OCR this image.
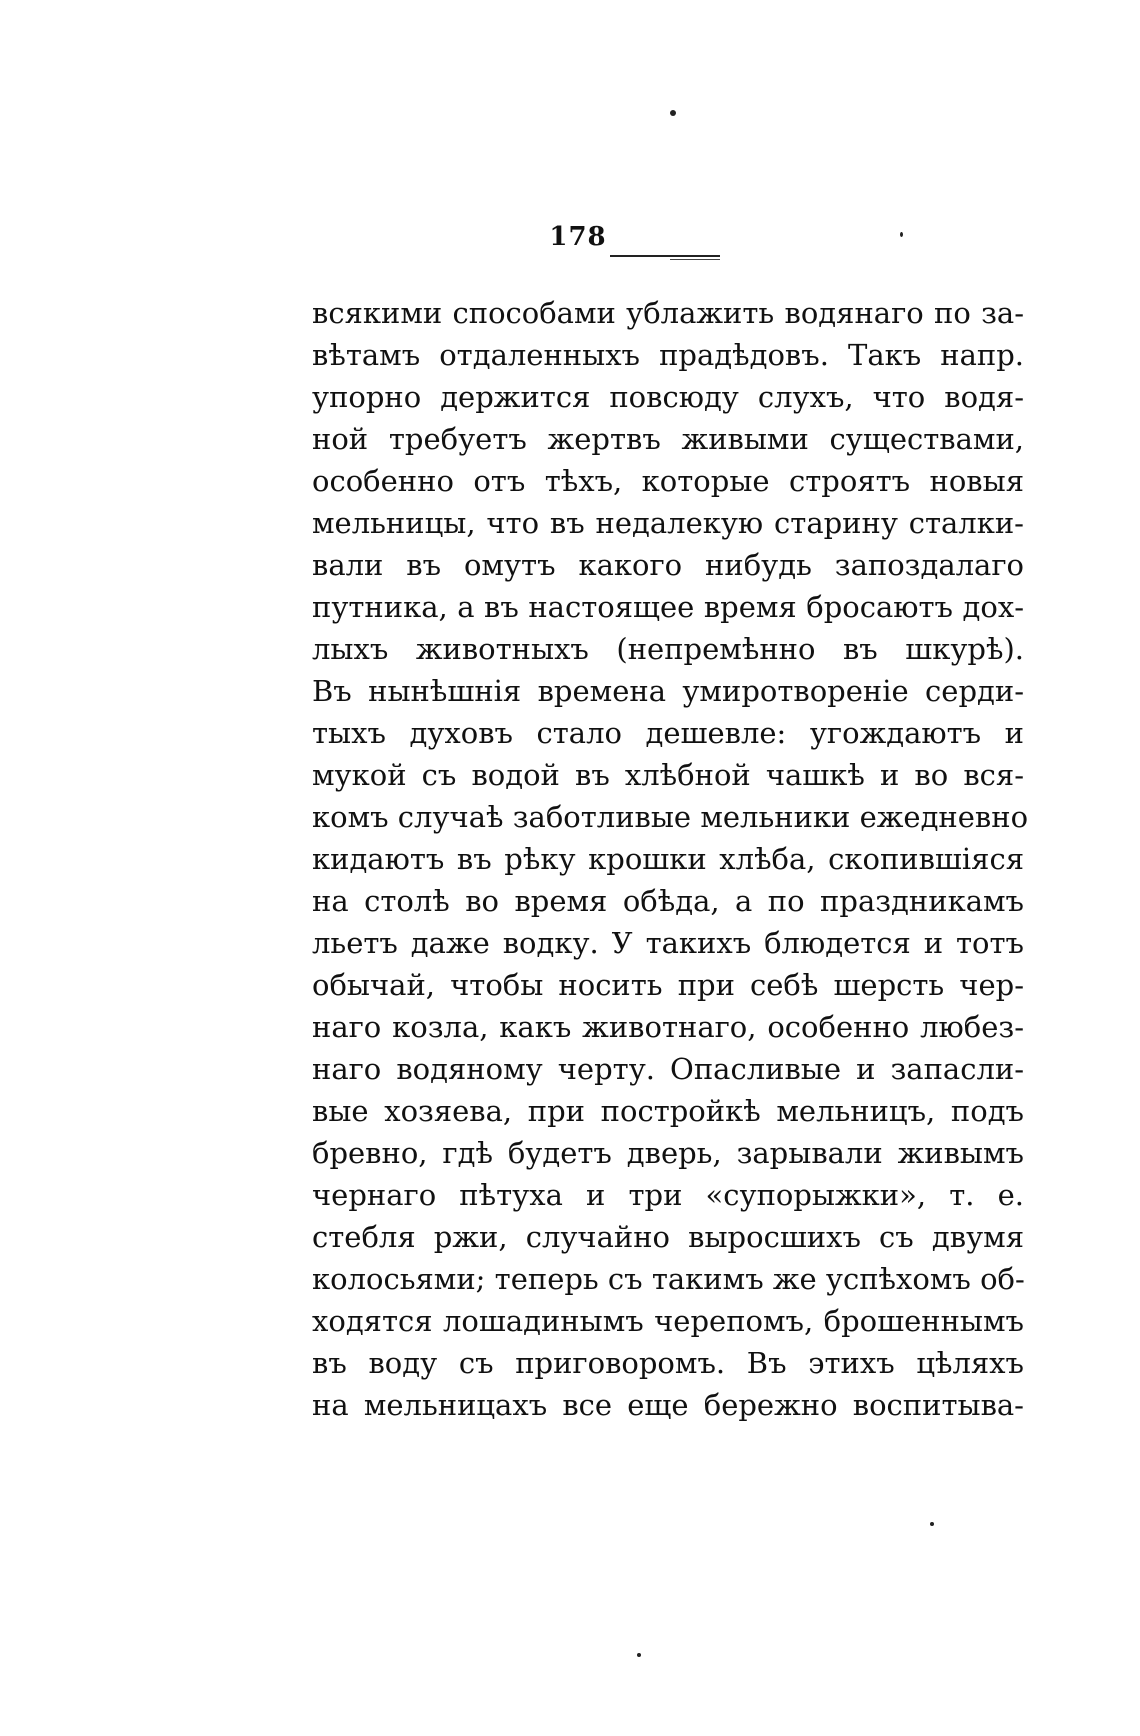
178
всякими способами ублажить водянаго по за-
вѣтамъ отдаленныхъ прадѣдовъ. Такъ напр.
упорно держится повсюду слухъ, что водя-
ной требуетъ жертвъ живыми существами,
особенно отъ тѣхъ, которые строятъ новыя
мельницы, что въ недалекую старину сталки-
вали въ омутъ какого нибудь запоздалаго
путника, а въ настоящее время бросаютъ дох-
лыхъ животныхъ (непремѣнно въ шкурѣ).
Въ нынѣшнія времена умиротвореніе серди-
тыхъ духовъ стало дешевле: угождаютъ и
мукой съ водой въ хлѣбной чашкѣ и во вся-
комъ случаѣ заботливые мельники ежедневно
кидаютъ въ рѣку крошки хлѣба, скопившіяся
на столѣ во время обѣда, а по праздникамъ
льетъ даже водку. У такихъ блюдется и тотъ
обычай, чтобы носить при себѣ шерсть чер-
наго козла, какъ животнаго, особенно любез-
наго водяному черту. Опасливые и запасли-
вые хозяева, при постройкѣ мельницъ, подъ
бревно, гдѣ будетъ дверь, зарывали живымъ
чернаго пѣтуха и три «супорыжки», т. е.
стебля ржи, случайно выросшихъ съ двумя
колосьями; теперь съ такимъ же успѣхомъ об-
ходятся лошадинымъ черепомъ, брошеннымъ
въ воду съ приговоромъ. Въ этихъ цѣляхъ
на мельницахъ все еще бережно воспитыва-
